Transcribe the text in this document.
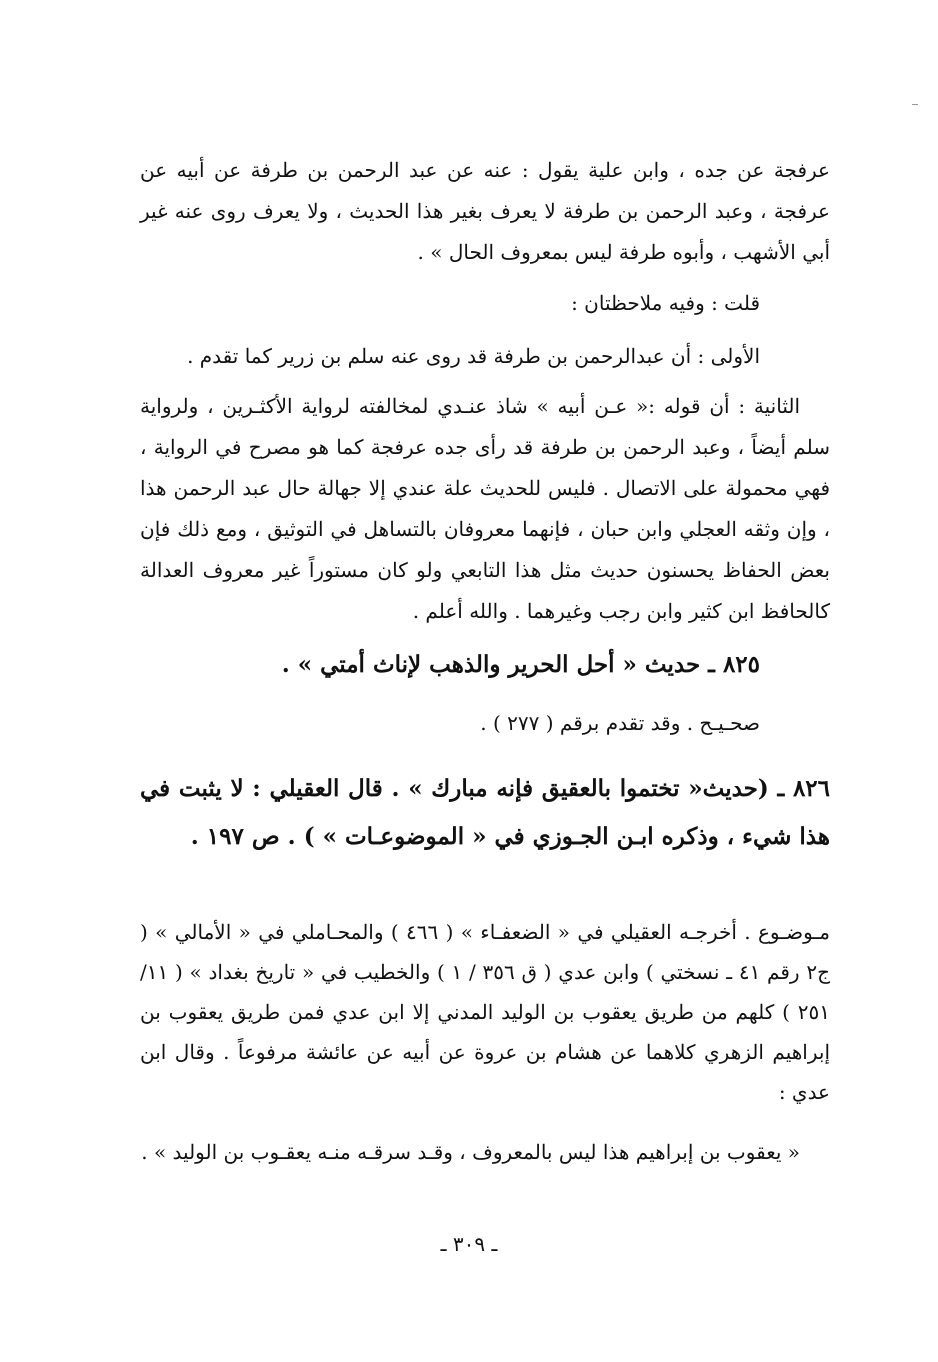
عرفجة عن جده ، وابن علية يقول : عنه عن عبد الرحمن بن طرفة عن أبيه عن عرفجة ، وعبد الرحمن بن طرفة لا يعرف بغير هذا الحديث ، ولا يعرف روى عنه غير أبي الأشهب ، وأبوه طرفة ليس بمعروف الحال » .
قلت : وفيه ملاحظتان :
الأولى : أن عبدالرحمن بن طرفة قد روى عنه سلم بن زرير كما تقدم .
الثانية : أن قوله :« عـن أبيه » شاذ عنـدي لمخالفته لرواية الأكثـرين ، ولرواية سلم أيضاً ، وعبد الرحمن بن طرفة قد رأى جده عرفجة كما هو مصرح في الرواية ، فهي محمولة على الاتصال . فليس للحديث علة عندي إلا جهالة حال عبد الرحمن هذا ، وإن وثقه العجلي وابن حبان ، فإنهما معروفان بالتساهل في التوثيق ، ومع ذلك فإن بعض الحفاظ يحسنون حديث مثل هذا التابعي ولو كان مستوراً غير معروف العدالة كالحافظ ابن كثير وابن رجب وغيرهما . والله أعلم .
٨٢٥ ـ حديث « أحل الحرير والذهب لإناث أمتي » .
صحـيـح . وقد تقدم برقم ( ٢٧٧ ) .
٨٢٦ ـ (حديث« تختموا بالعقيق فإنه مبارك » . قال العقيلي : لا يثبت في هذا شيء ، وذكره ابـن الجـوزي في « الموضوعـات » ) . ص ١٩٧ .
مـوضـوع . أخرجـه العقيلي في « الضعفـاء » ( ٤٦٦ ) والمحـاملي في « الأمالي » ( ج٢ رقم ٤١ ـ نسختي ) وابن عدي ( ق ٣٥٦ / ١ ) والخطيب في « تاريخ بغداد » ( ١١/ ٢٥١ ) كلهم من طريق يعقوب بن الوليد المدني إلا ابن عدي فمن طريق يعقوب بن إبراهيم الزهري كلاهما عن هشام بن عروة عن أبيه عن عائشة مرفوعاً . وقال ابن عدي :
« يعقوب بن إبراهيم هذا ليس بالمعروف ، وقـد سرقـه منـه يعقـوب بن الوليد » .
ـ ٣٠٩ ـ
